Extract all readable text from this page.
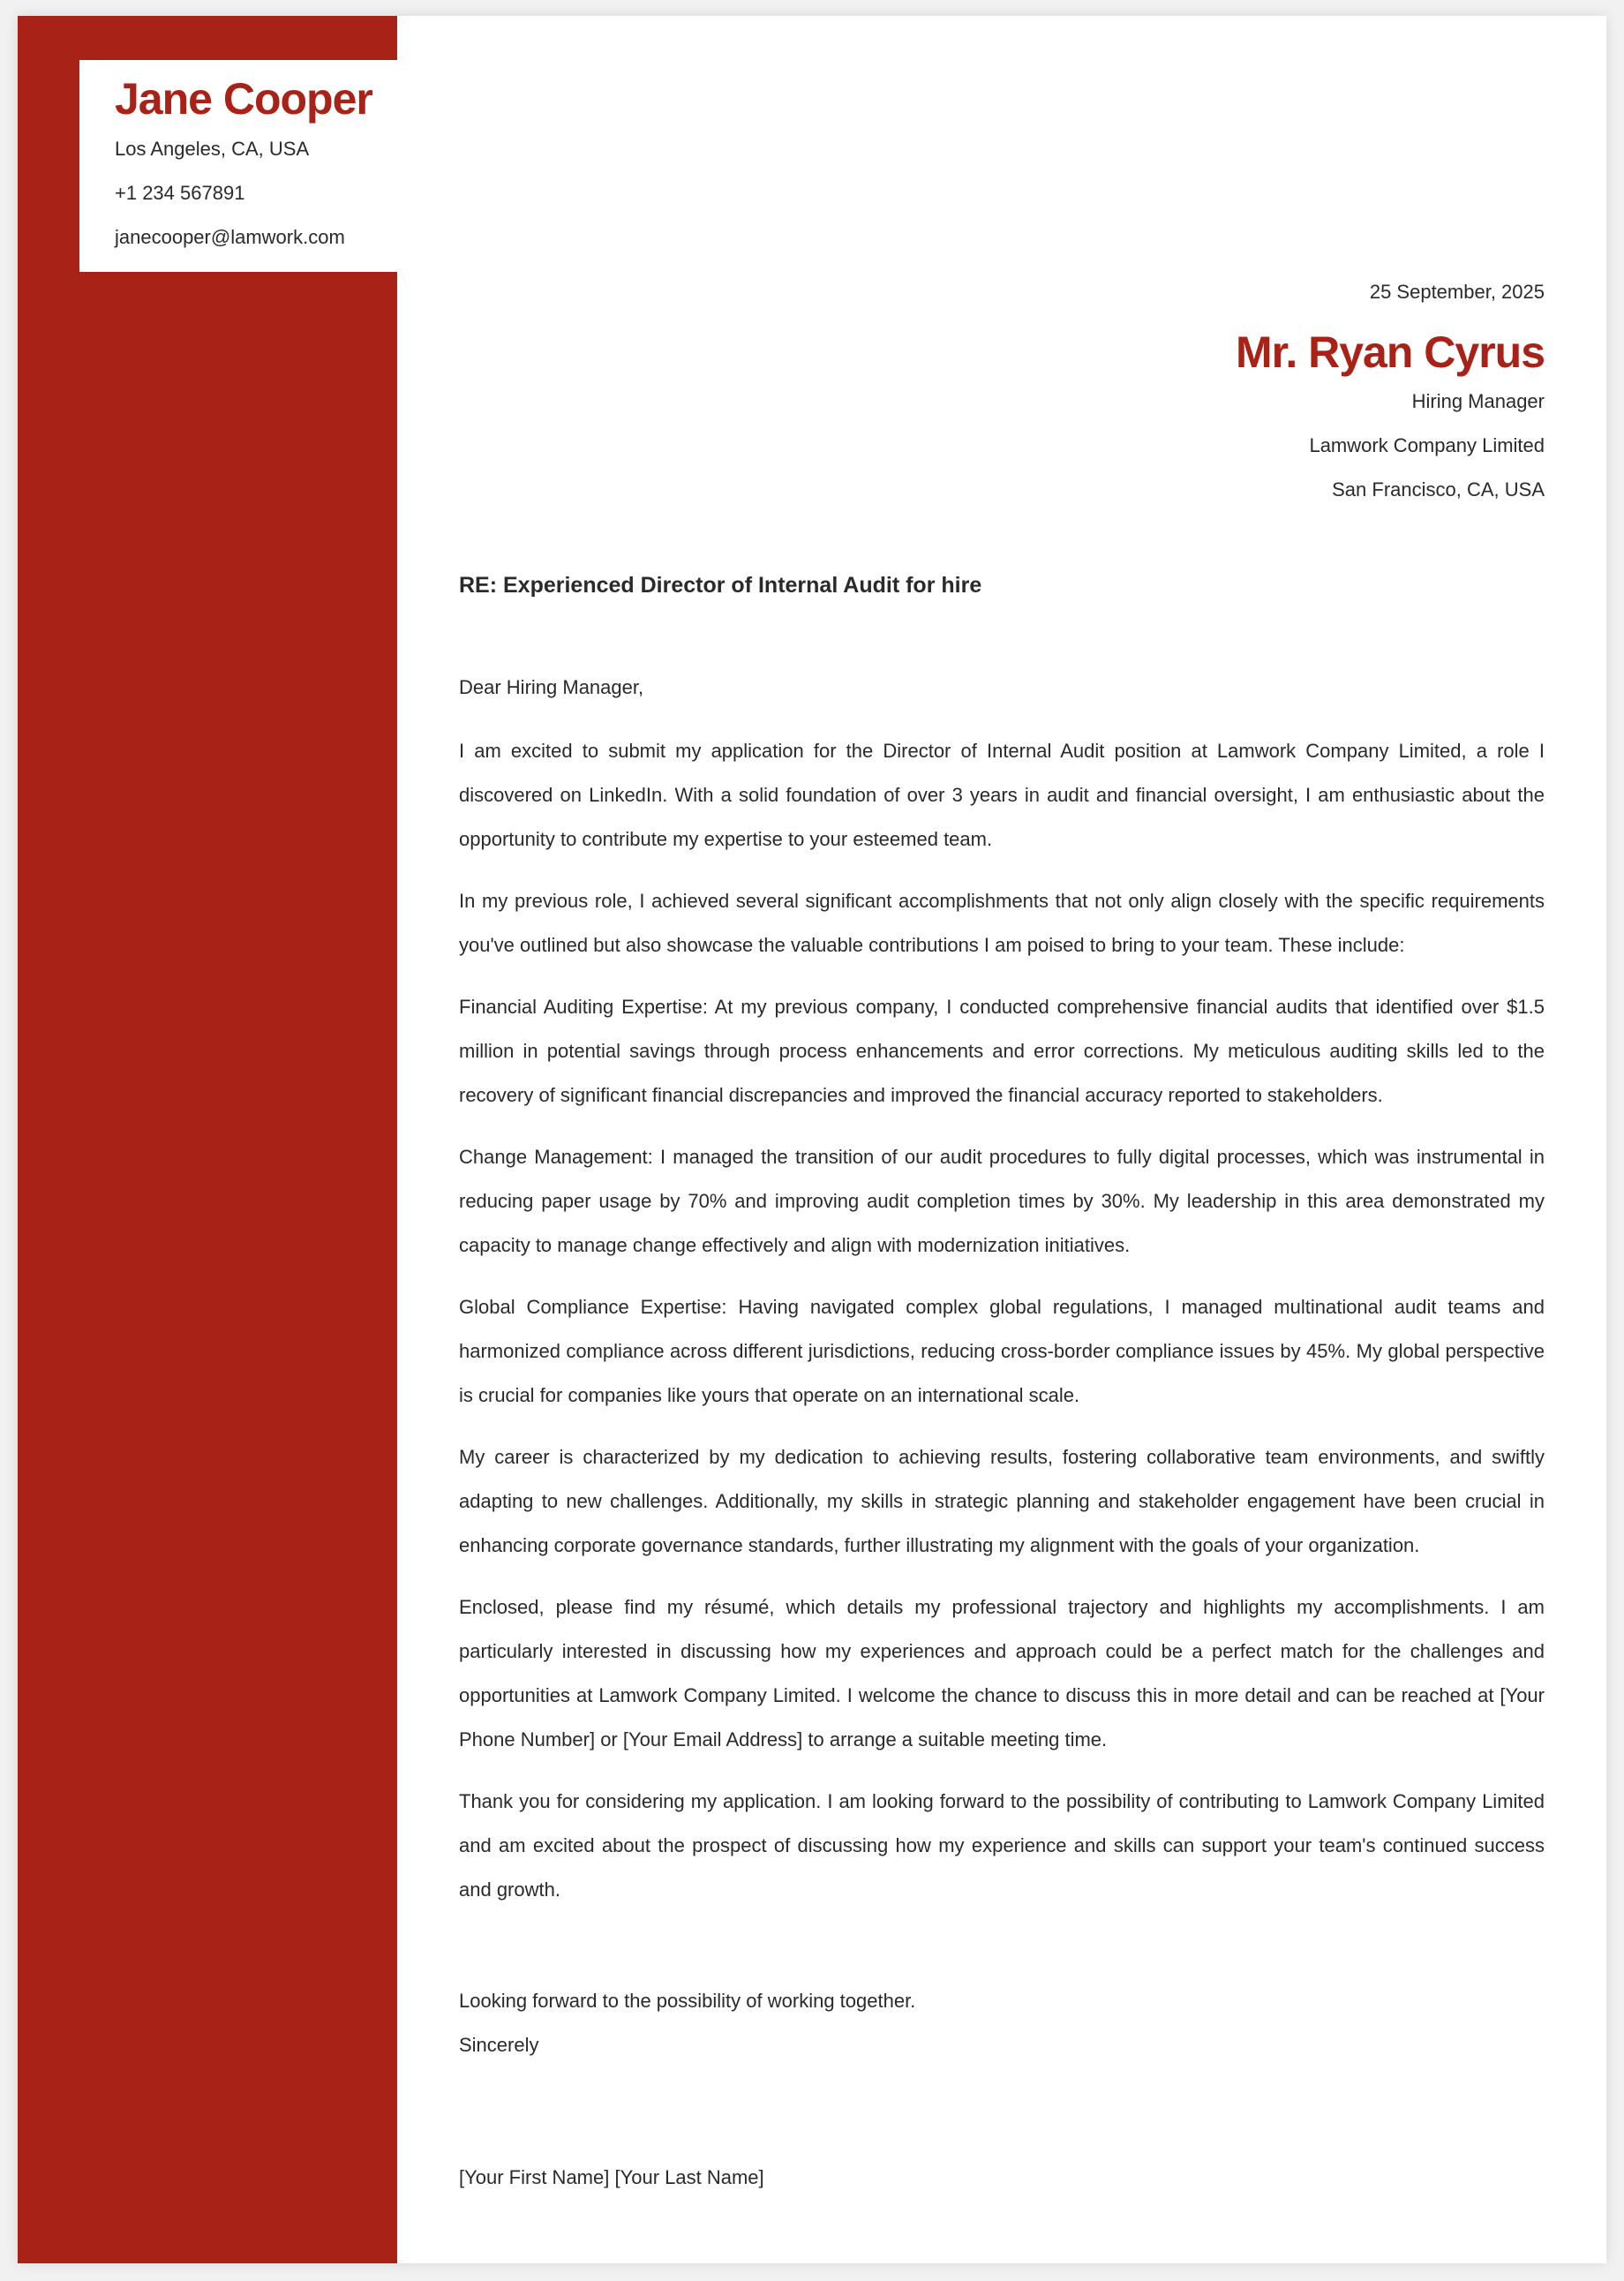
Jane Cooper
Los Angeles, CA, USA
+1 234 567891
janecooper@lamwork.com
25 September, 2025
Mr. Ryan Cyrus
Hiring Manager
Lamwork Company Limited
San Francisco, CA, USA
RE: Experienced Director of Internal Audit for hire

Dear Hiring Manager,

I am excited to submit my application for the Director of Internal Audit position at Lamwork Company Limited, a role I discovered on LinkedIn. With a solid foundation of over 3 years in audit and financial oversight, I am enthusiastic about the opportunity to contribute my expertise to your esteemed team.

In my previous role, I achieved several significant accomplishments that not only align closely with the specific requirements you've outlined but also showcase the valuable contributions I am poised to bring to your team. These include:

Financial Auditing Expertise: At my previous company, I conducted comprehensive financial audits that identified over $1.5 million in potential savings through process enhancements and error corrections. My meticulous auditing skills led to the recovery of significant financial discrepancies and improved the financial accuracy reported to stakeholders.

Change Management: I managed the transition of our audit procedures to fully digital processes, which was instrumental in reducing paper usage by 70% and improving audit completion times by 30%. My leadership in this area demonstrated my capacity to manage change effectively and align with modernization initiatives.

Global Compliance Expertise: Having navigated complex global regulations, I managed multinational audit teams and harmonized compliance across different jurisdictions, reducing cross-border compliance issues by 45%. My global perspective is crucial for companies like yours that operate on an international scale.

My career is characterized by my dedication to achieving results, fostering collaborative team environments, and swiftly adapting to new challenges. Additionally, my skills in strategic planning and stakeholder engagement have been crucial in enhancing corporate governance standards, further illustrating my alignment with the goals of your organization.

Enclosed, please find my résumé, which details my professional trajectory and highlights my accomplishments. I am particularly interested in discussing how my experiences and approach could be a perfect match for the challenges and opportunities at Lamwork Company Limited. I welcome the chance to discuss this in more detail and can be reached at [Your Phone Number] or [Your Email Address] to arrange a suitable meeting time.

Thank you for considering my application. I am looking forward to the possibility of contributing to Lamwork Company Limited and am excited about the prospect of discussing how my experience and skills can support your team's continued success and growth.

Looking forward to the possibility of working together.
Sincerely
[Your First Name] [Your Last Name]
